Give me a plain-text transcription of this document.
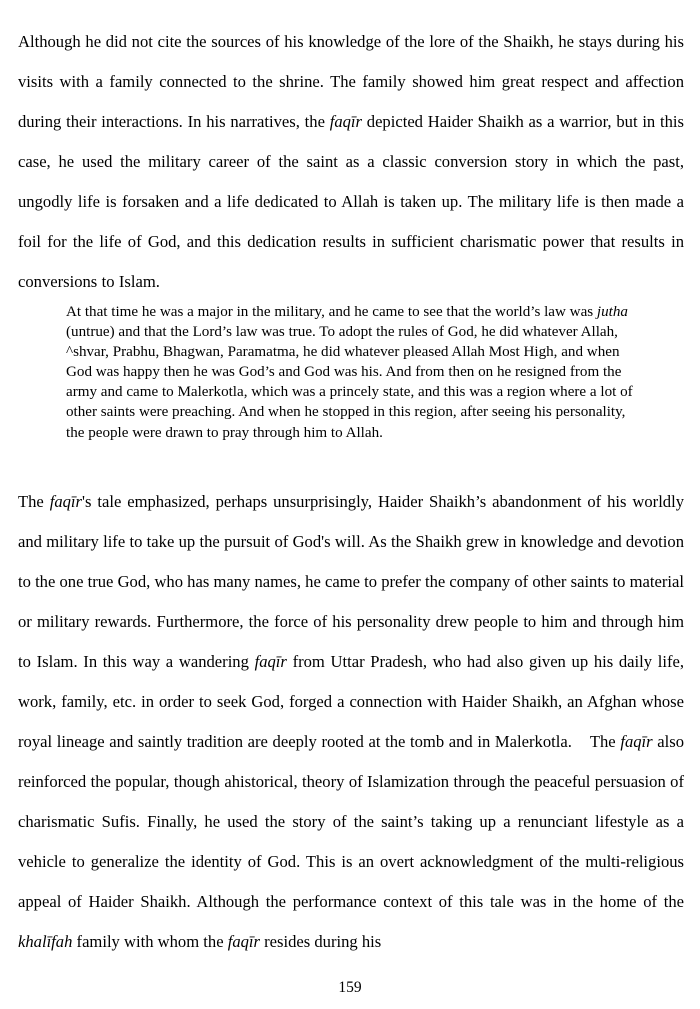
Although he did not cite the sources of his knowledge of the lore of the Shaikh, he stays during his visits with a family connected to the shrine. The family showed him great respect and affection during their interactions. In his narratives, the faqīr depicted Haider Shaikh as a warrior, but in this case, he used the military career of the saint as a classic conversion story in which the past, ungodly life is forsaken and a life dedicated to Allah is taken up. The military life is then made a foil for the life of God, and this dedication results in sufficient charismatic power that results in conversions to Islam.

At that time he was a major in the military, and he came to see that the world’s law was jutha (untrue) and that the Lord’s law was true. To adopt the rules of God, he did whatever Allah, ^shvar, Prabhu, Bhagwan, Paramatma, he did whatever pleased Allah Most High, and when God was happy then he was God’s and God was his. And from then on he resigned from the army and came to Malerkotla, which was a princely state, and this was a region where a lot of other saints were preaching. And when he stopped in this region, after seeing his personality, the people were drawn to pray through him to Allah.

The faqīr's tale emphasized, perhaps unsurprisingly, Haider Shaikh’s abandonment of his worldly and military life to take up the pursuit of God's will. As the Shaikh grew in knowledge and devotion to the one true God, who has many names, he came to prefer the company of other saints to material or military rewards. Furthermore, the force of his personality drew people to him and through him to Islam. In this way a wandering faqīr from Uttar Pradesh, who had also given up his daily life, work, family, etc. in order to seek God, forged a connection with Haider Shaikh, an Afghan whose royal lineage and saintly tradition are deeply rooted at the tomb and in Malerkotla. The faqīr also reinforced the popular, though ahistorical, theory of Islamization through the peaceful persuasion of charismatic Sufis. Finally, he used the story of the saint’s taking up a renunciant lifestyle as a vehicle to generalize the identity of God. This is an overt acknowledgment of the multi-religious appeal of Haider Shaikh. Although the performance context of this tale was in the home of the khalīfah family with whom the faqīr resides during his

159
